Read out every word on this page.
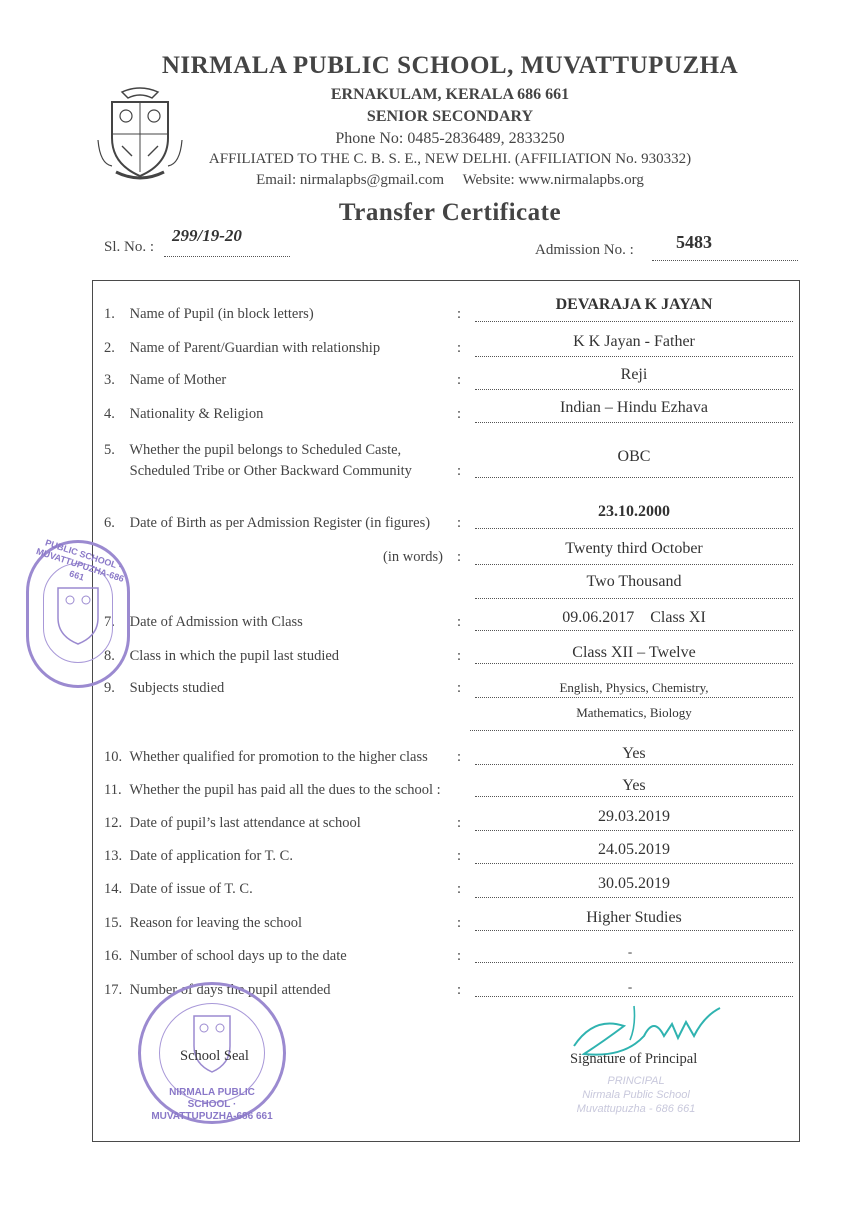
NIRMALA PUBLIC SCHOOL, MUVATTUPUZHA
ERNAKULAM, KERALA 686 661
SENIOR SECONDARY
Phone No: 0485-2836489, 2833250
AFFILIATED TO THE C. B. S. E., NEW DELHI. (AFFILIATION No. 930332)
Email: nirmalapbs@gmail.com Website: www.nirmalapbs.org
Transfer Certificate
Sl. No. :
299/19-20
Admission No. : 5483
1. Name of Pupil (in block letters)	:
DEVARAJA K JAYAN
2. Name of Parent/Guardian with relationship	:	K K Jayan - Father
3. Name of Mother	:	Reji
4. Nationality & Religion	:	Indian – Hindu Ezhava
5. Whether the pupil belongs to Scheduled Caste,
Scheduled Tribe or Other Backward Community	:
OBC
6. Date of Birth as per Admission Register (in figures) :
23.10.2000
(in words) :	Twenty third October
Two Thousand
7. Date of Admission with Class	:	09.06.2017    Class XI
8. Class in which the pupil last studied	:	Class XII – Twelve
9. Subjects studied	:	English, Physics, Chemistry,
Mathematics, Biology
10. Whether qualified for promotion to the higher class :	Yes
11. Whether the pupil has paid all the dues to the school :	Yes
12. Date of pupil’s last attendance at school	:	29.03.2019
13. Date of application for T. C.	:	24.05.2019
14. Date of issue of T. C.	:	30.05.2019
15. Reason for leaving the school	:	Higher Studies
16. Number of school days up to the date	:	-
17. Number of days the pupil attended	:	-
PUBLIC SCHOOL · MUVATTUPUZHA-686 661
NIRMALA PUBLIC SCHOOL · MUVATTUPUZHA-686 661
School Seal	Signature of Principal
PRINCIPAL
Nirmala Public School
Muvattupuzha - 686 661
